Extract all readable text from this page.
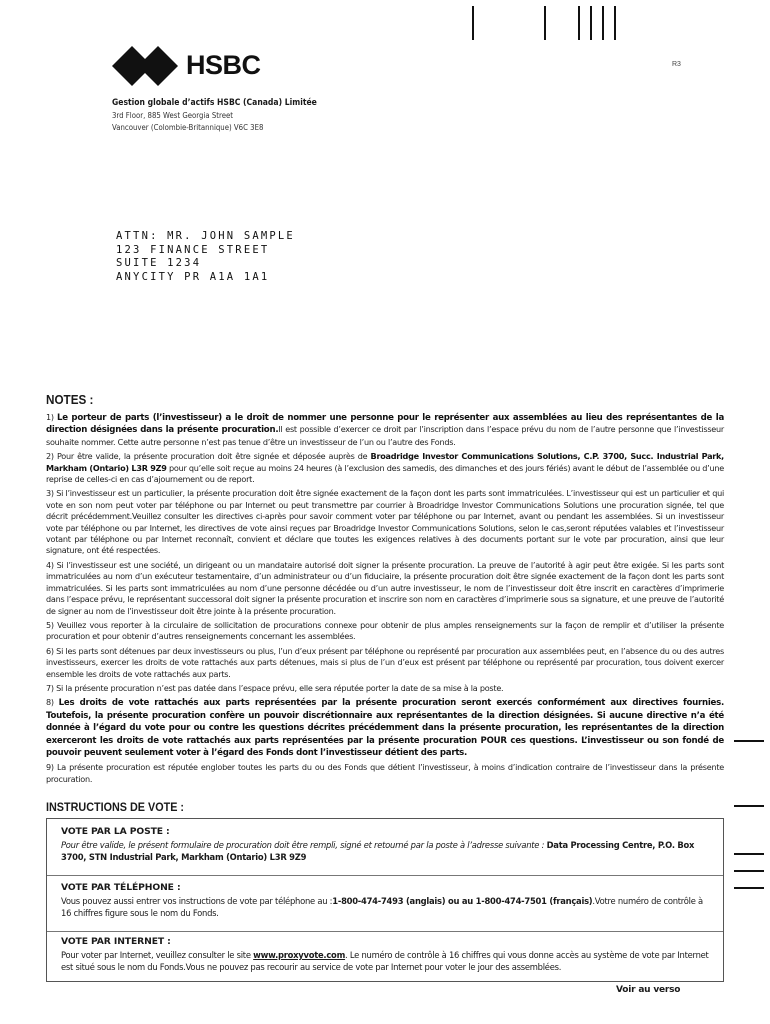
HSBC	R3
Gestion globale d’actifs HSBC (Canada) Limitée
3rd Floor, 885 West Georgia Street
Vancouver (Colombie-Britannique) V6C 3E8
ATTN: MR. JOHN SAMPLE
123 FINANCE STREET
SUITE 1234
ANYCITY PR A1A 1A1
NOTES :

1) Le porteur de parts (l’investisseur) a le droit de nommer une personne pour le représenter aux assemblées au lieu des représentantes de la direction désignées dans la présente procuration.Il est possible d’exercer ce droit par l’inscription dans l’espace prévu du nom de l’autre personne que l’investisseur souhaite nommer. Cette autre personne n’est pas tenue d’être un investisseur de l’un ou l’autre des Fonds.

2) Pour être valide, la présente procuration doit être signée et déposée auprès de Broadridge Investor Communications Solutions, C.P. 3700, Succ. Industrial Park, Markham (Ontario) L3R 9Z9 pour qu’elle soit reçue au moins 24 heures (à l’exclusion des samedis, des dimanches et des jours fériés) avant le début de l’assemblée ou d’une reprise de celles-ci en cas d’ajournement ou de report.

3) Si l’investisseur est un particulier, la présente procuration doit être signée exactement de la façon dont les parts sont immatriculées. L’investisseur qui est un particulier et qui vote en son nom peut voter par téléphone ou par Internet ou peut transmettre par courrier à Broadridge Investor Communications Solutions une procuration signée, tel que décrit précédemment.Veuillez consulter les directives ci-après pour savoir comment voter par téléphone ou par Internet, avant ou pendant les assemblées. Si un investisseur vote par téléphone ou par Internet, les directives de vote ainsi reçues par Broadridge Investor Communications Solutions, selon le cas,seront réputées valables et l’investisseur votant par téléphone ou par Internet reconnaît, convient et déclare que toutes les exigences relatives à des documents portant sur le vote par procuration, ainsi que leur signature, ont été respectées.

4) Si l’investisseur est une société, un dirigeant ou un mandataire autorisé doit signer la présente procuration. La preuve de l’autorité à agir peut être exigée. Si les parts sont immatriculées au nom d’un exécuteur testamentaire, d’un administrateur ou d’un fiduciaire, la présente procuration doit être signée exactement de la façon dont les parts sont immatriculées. Si les parts sont immatriculées au nom d’une personne décédée ou d’un autre investisseur, le nom de l’investisseur doit être inscrit en caractères d’imprimerie dans l’espace prévu, le représentant successoral doit signer la présente procuration et inscrire son nom en caractères d’imprimerie sous sa signature, et une preuve de l’autorité de signer au nom de l’investisseur doit être jointe à la présente procuration.

5) Veuillez vous reporter à la circulaire de sollicitation de procurations connexe pour obtenir de plus amples renseignements sur la façon de remplir et d’utiliser la présente procuration et pour obtenir d’autres renseignements concernant les assemblées.

6) Si les parts sont détenues par deux investisseurs ou plus, l’un d’eux présent par téléphone ou représenté par procuration aux assemblées peut, en l’absence du ou des autres investisseurs, exercer les droits de vote rattachés aux parts détenues, mais si plus de l’un d’eux est présent par téléphone ou représenté par procuration, tous doivent exercer ensemble les droits de vote rattachés aux parts.

7) Si la présente procuration n’est pas datée dans l’espace prévu, elle sera réputée porter la date de sa mise à la poste.

8) Les droits de vote rattachés aux parts représentées par la présente procuration seront exercés conformément aux directives fournies. Toutefois, la présente procuration confère un pouvoir discrétionnaire aux représentantes de la direction désignées. Si aucune directive n’a été donnée à l’égard du vote pour ou contre les questions décrites précédemment dans la présente procuration, les représentantes de la direction exerceront les droits de vote rattachés aux parts représentées par la présente procuration POUR ces questions. L’investisseur ou son fondé de pouvoir peuvent seulement voter à l’égard des Fonds dont l’investisseur détient des parts.

9) La présente procuration est réputée englober toutes les parts du ou des Fonds que détient l’investisseur, à moins d’indication contraire de l’investisseur dans la présente procuration.

INSTRUCTIONS DE VOTE :
VOTE PAR LA POSTE :
Pour être valide, le présent formulaire de procuration doit être rempli, signé et retourné par la poste à l’adresse suivante : Data Processing Centre, P.O. Box 3700, STN Industrial Park, Markham (Ontario) L3R 9Z9
VOTE PAR TÉLÉPHONE :
Vous pouvez aussi entrer vos instructions de vote par téléphone au :1-800-474-7493 (anglais) ou au 1-800-474-7501 (français).Votre numéro de contrôle à 16 chiffres figure sous le nom du Fonds.
VOTE PAR INTERNET :
Pour voter par Internet, veuillez consulter le site www.proxyvote.com. Le numéro de contrôle à 16 chiffres qui vous donne accès au système de vote par Internet est situé sous le nom du Fonds.Vous ne pouvez pas recourir au service de vote par Internet pour voter le jour des assemblées.
Voir au verso
